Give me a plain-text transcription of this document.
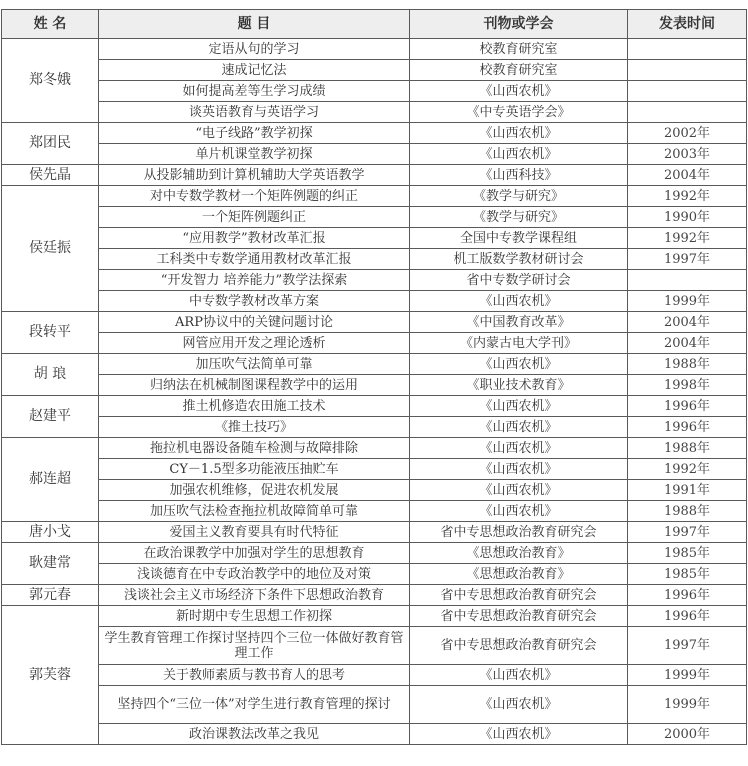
姓 名	题 目	刊物或学会	发表时间
郑冬娥	定语从句的学习	校教育研究室	
	速成记忆法	校教育研究室	
	如何提高差等生学习成绩	《山西农机》	
	谈英语教育与英语学习	《中专英语学会》	
郑团民	“电子线路”教学初探	《山西农机》	2002年
	单片机课堂教学初探	《山西农机》	2003年
侯先晶	从投影辅助到计算机辅助大学英语教学	《山西科技》	2004年
侯廷振	对中专数学教材一个矩阵例题的纠正	《教学与研究》	1992年
	一个矩阵例题纠正	《教学与研究》	1990年
	“应用教学”教材改革汇报	全国中专教学课程组	1992年
	工科类中专数学通用教材改革汇报	机工版数学教材研讨会	1997年
	“开发智力 培养能力”教学法探索	省中专数学研讨会	
	中专数学教材改革方案	《山西农机》	1999年
段转平	ARP协议中的关键问题讨论	《中国教育改革》	2004年
	网管应用开发之理论透析	《内蒙古电大学刊》	2004年
胡 琅	加压吹气法简单可靠	《山西农机》	1988年
	归纳法在机械制图课程教学中的运用	《职业技术教育》	1998年
赵建平	推土机修造农田施工技术	《山西农机》	1996年
	《推土技巧》	《山西农机》	1996年
郝连超	拖拉机电器设备随车检测与故障排除	《山西农机》	1988年
	CY－1.5型多功能液压抽贮车	《山西农机》	1992年
	加强农机维修，促进农机发展	《山西农机》	1991年
	加压吹气法检查拖拉机故障简单可靠	《山西农机》	1988年
唐小戈	爱国主义教育要具有时代特征	省中专思想政治教育研究会	1997年
耿建常	在政治课教学中加强对学生的思想教育	《思想政治教育》	1985年
	浅谈德育在中专政治教学中的地位及对策	《思想政治教育》	1985年
郭元春	浅谈社会主义市场经济下条件下思想政治教育	省中专思想政治教育研究会	1996年
郭芙蓉	新时期中专生思想工作初探	省中专思想政治教育研究会	1996年
	学生教育管理工作探讨坚持四个三位一体做好教育管理工作	省中专思想政治教育研究会	1997年
	关于教师素质与教书育人的思考	《山西农机》	1999年
	坚持四个“三位一体”对学生进行教育管理的探讨	《山西农机》	1999年
	政治课教法改革之我见	《山西农机》	2000年
